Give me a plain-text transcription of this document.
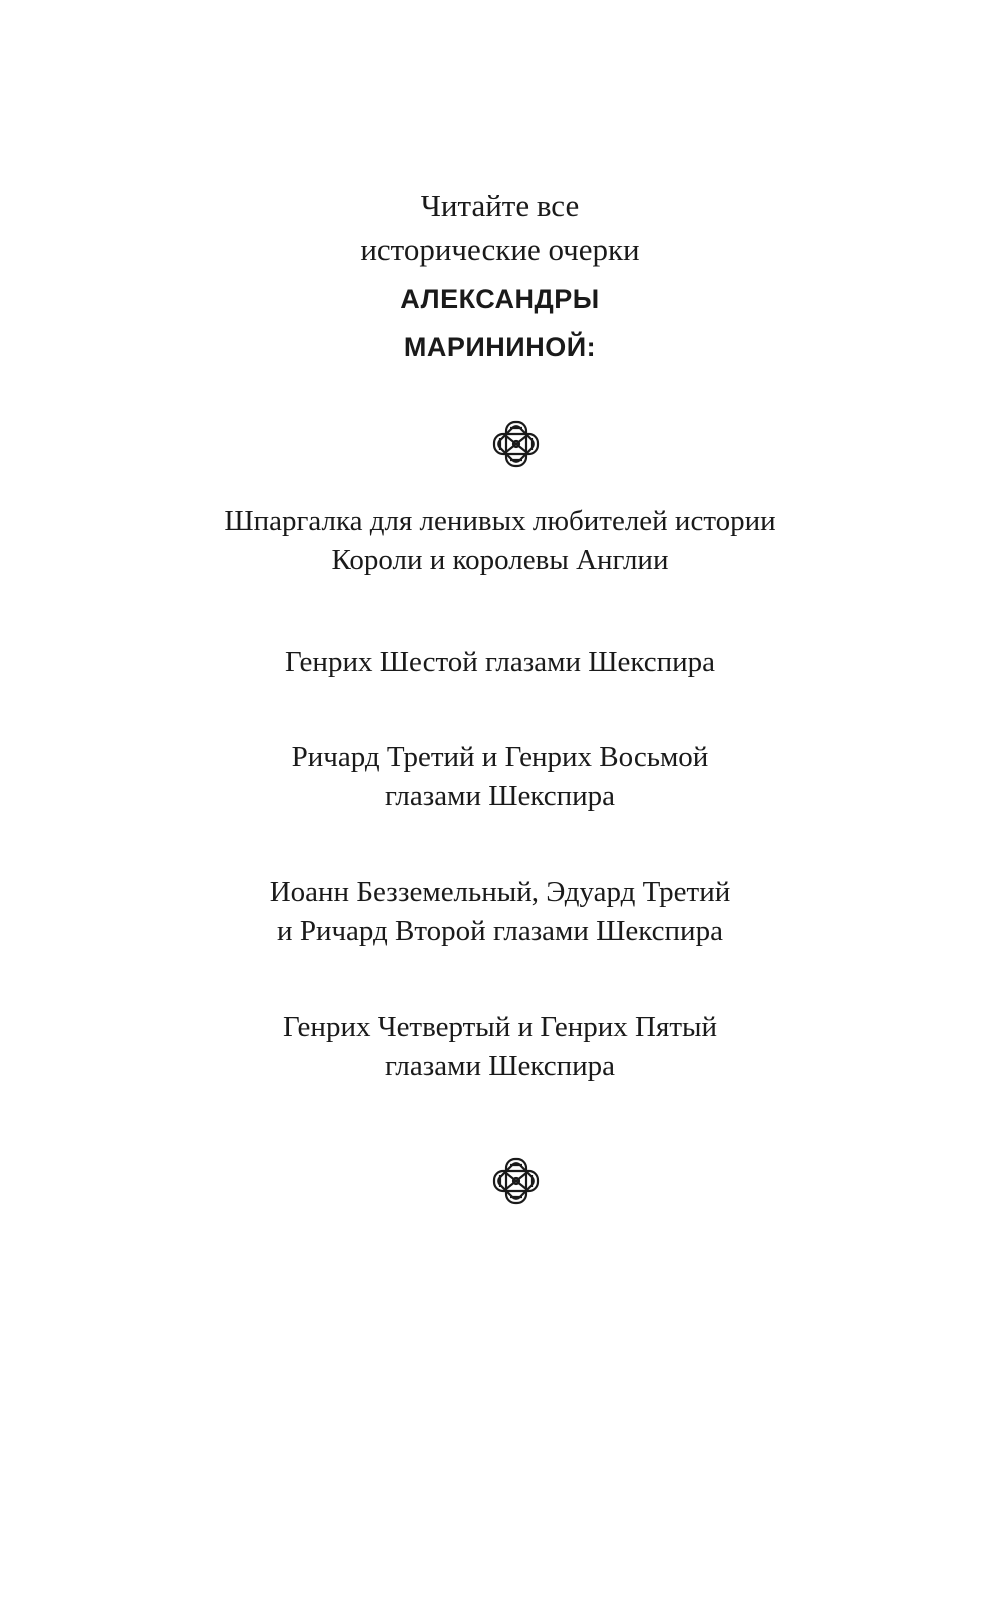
Читайте все
исторические очерки
АЛЕКСАНДРЫ
МАРИНИНОЙ:
Шпаргалка для ленивых любителей истории
Короли и королевы Англии
Генрих Шестой глазами Шекспира
Ричард Третий и Генрих Восьмой
глазами Шекспира
Иоанн Безземельный, Эдуард Третий
и Ричард Второй глазами Шекспира
Генрих Четвертый и Генрих Пятый
глазами Шекспира
